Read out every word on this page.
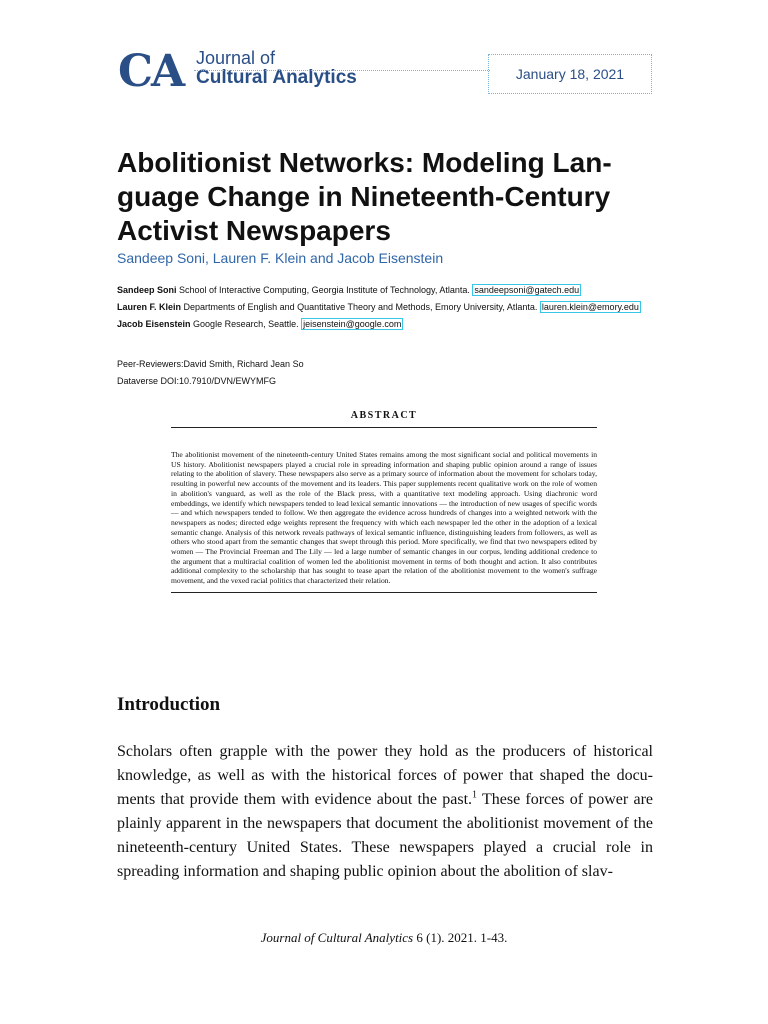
CA Journal of
Cultural Analytics	January 18, 2021
Abolitionist Networks: Modeling Lan-
guage Change in Nineteenth-Century
Activist Newspapers
Sandeep Soni, Lauren F. Klein and Jacob Eisenstein
Sandeep Soni School of Interactive Computing, Georgia Institute of Technology, Atlanta. sandeepsoni@gatech.edu
Lauren F. Klein Departments of English and Quantitative Theory and Methods, Emory University, Atlanta. lauren.klein@emory.edu
Jacob Eisenstein Google Research, Seattle. jeisenstein@google.com
Peer-Reviewers:David Smith, Richard Jean So
Dataverse DOI:10.7910/DVN/EWYMFG
ABSTRACT
The abolitionist movement of the nineteenth-century United States remains among the most significant social and political movements in US history. Abolitionist newspapers played a crucial role in spreading information and shaping public opinion around a range of issues relating to the abolition of slavery. These newspapers also serve as a primary source of information about the movement for scholars today, resulting in powerful new accounts of the movement and its leaders. This paper supplements recent qualitative work on the role of women in abolition's vanguard, as well as the role of the Black press, with a quantitative text modeling approach. Using diachronic word embeddings, we identify which newspapers tended to lead lexical semantic innovations — the introduction of new usages of specific words — and which newspapers tended to follow. We then aggregate the evidence across hundreds of changes into a weighted network with the newspapers as nodes; directed edge weights represent the frequency with which each newspaper led the other in the adoption of a lexical semantic change. Analysis of this network reveals pathways of lexical semantic influence, distinguishing leaders from followers, as well as others who stood apart from the semantic changes that swept through this period. More specifically, we find that two newspapers edited by women — The Provincial Freeman and The Lily — led a large number of semantic changes in our corpus, lending additional credence to the argument that a multiracial coalition of women led the abolitionist movement in terms of both thought and action. It also contributes additional complexity to the scholarship that has sought to tease apart the relation of the abolitionist movement to the women's suffrage movement, and the vexed racial politics that characterized their relation.
Introduction
Scholars often grapple with the power they hold as the producers of historical knowledge, as well as with the historical forces of power that shaped the docu-ments that provide them with evidence about the past.$^1$ These forces of power are plainly apparent in the newspapers that document the abolitionist movement of the nineteenth-century United States. These newspapers played a crucial role in spreading information and shaping public opinion about the abolition of slav-
Journal of Cultural Analytics 6 (1). 2021. 1-43.
